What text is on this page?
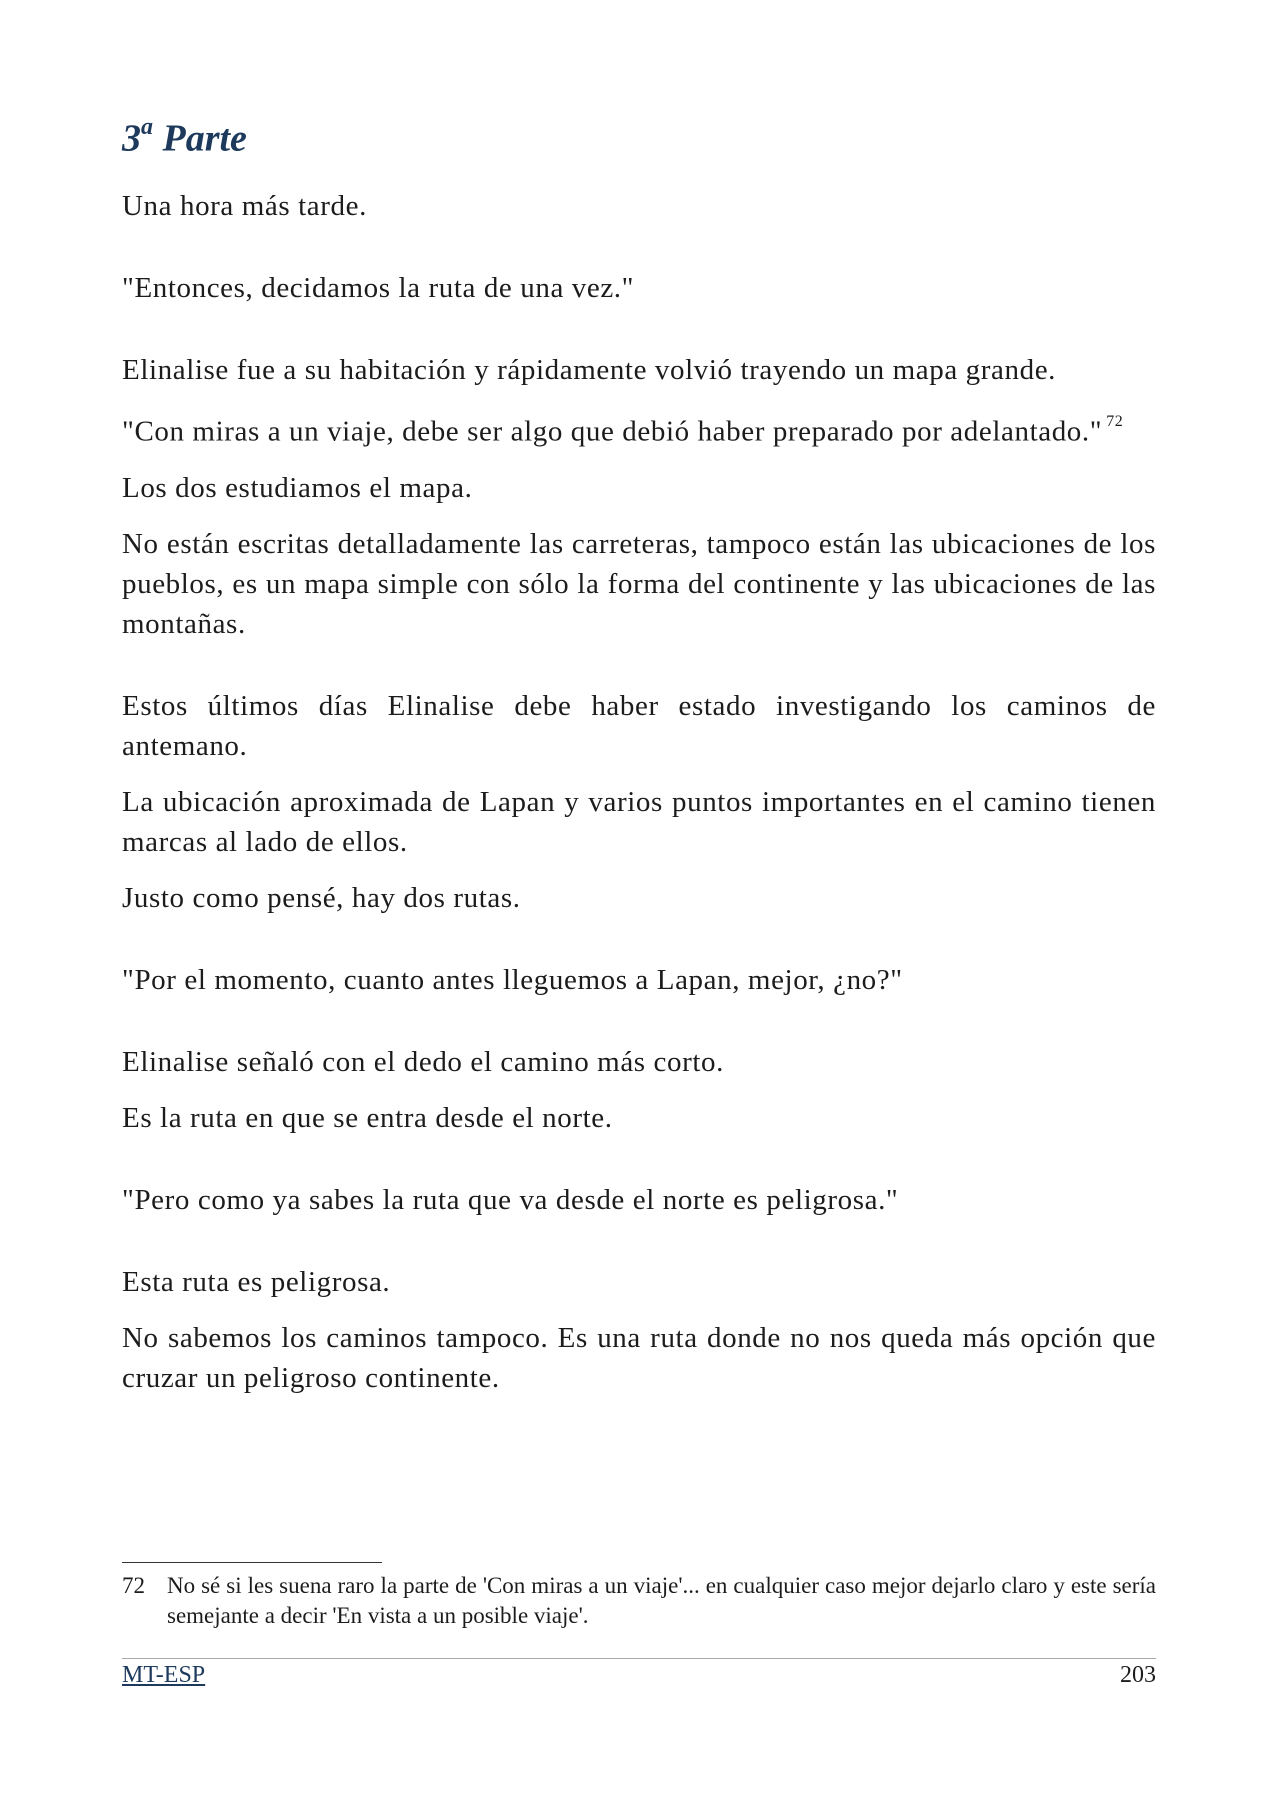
3$^a$ Parte

Una hora más tarde.

"Entonces, decidamos la ruta de una vez."

Elinalise fue a su habitación y rápidamente volvió trayendo un mapa grande.

"Con miras a un viaje, debe ser algo que debió haber preparado por adelantado." $^{72}$

Los dos estudiamos el mapa.

No están escritas detalladamente las carreteras, tampoco están las ubicaciones de los pueblos, es un mapa simple con sólo la forma del continente y las ubicaciones de las montañas.

Estos últimos días Elinalise debe haber estado investigando los caminos de antemano.

La ubicación aproximada de Lapan y varios puntos importantes en el camino tienen marcas al lado de ellos.

Justo como pensé, hay dos rutas.

"Por el momento, cuanto antes lleguemos a Lapan, mejor, ¿no?"

Elinalise señaló con el dedo el camino más corto.

Es la ruta en que se entra desde el norte.

"Pero como ya sabes la ruta que va desde el norte es peligrosa."

Esta ruta es peligrosa.

No sabemos los caminos tampoco. Es una ruta donde no nos queda más opción que cruzar un peligroso continente.

72 No sé si les suena raro la parte de 'Con miras a un viaje'... en cualquier caso mejor dejarlo claro y este sería semejante a decir 'En vista a un posible viaje'.
MT-ESP	203
